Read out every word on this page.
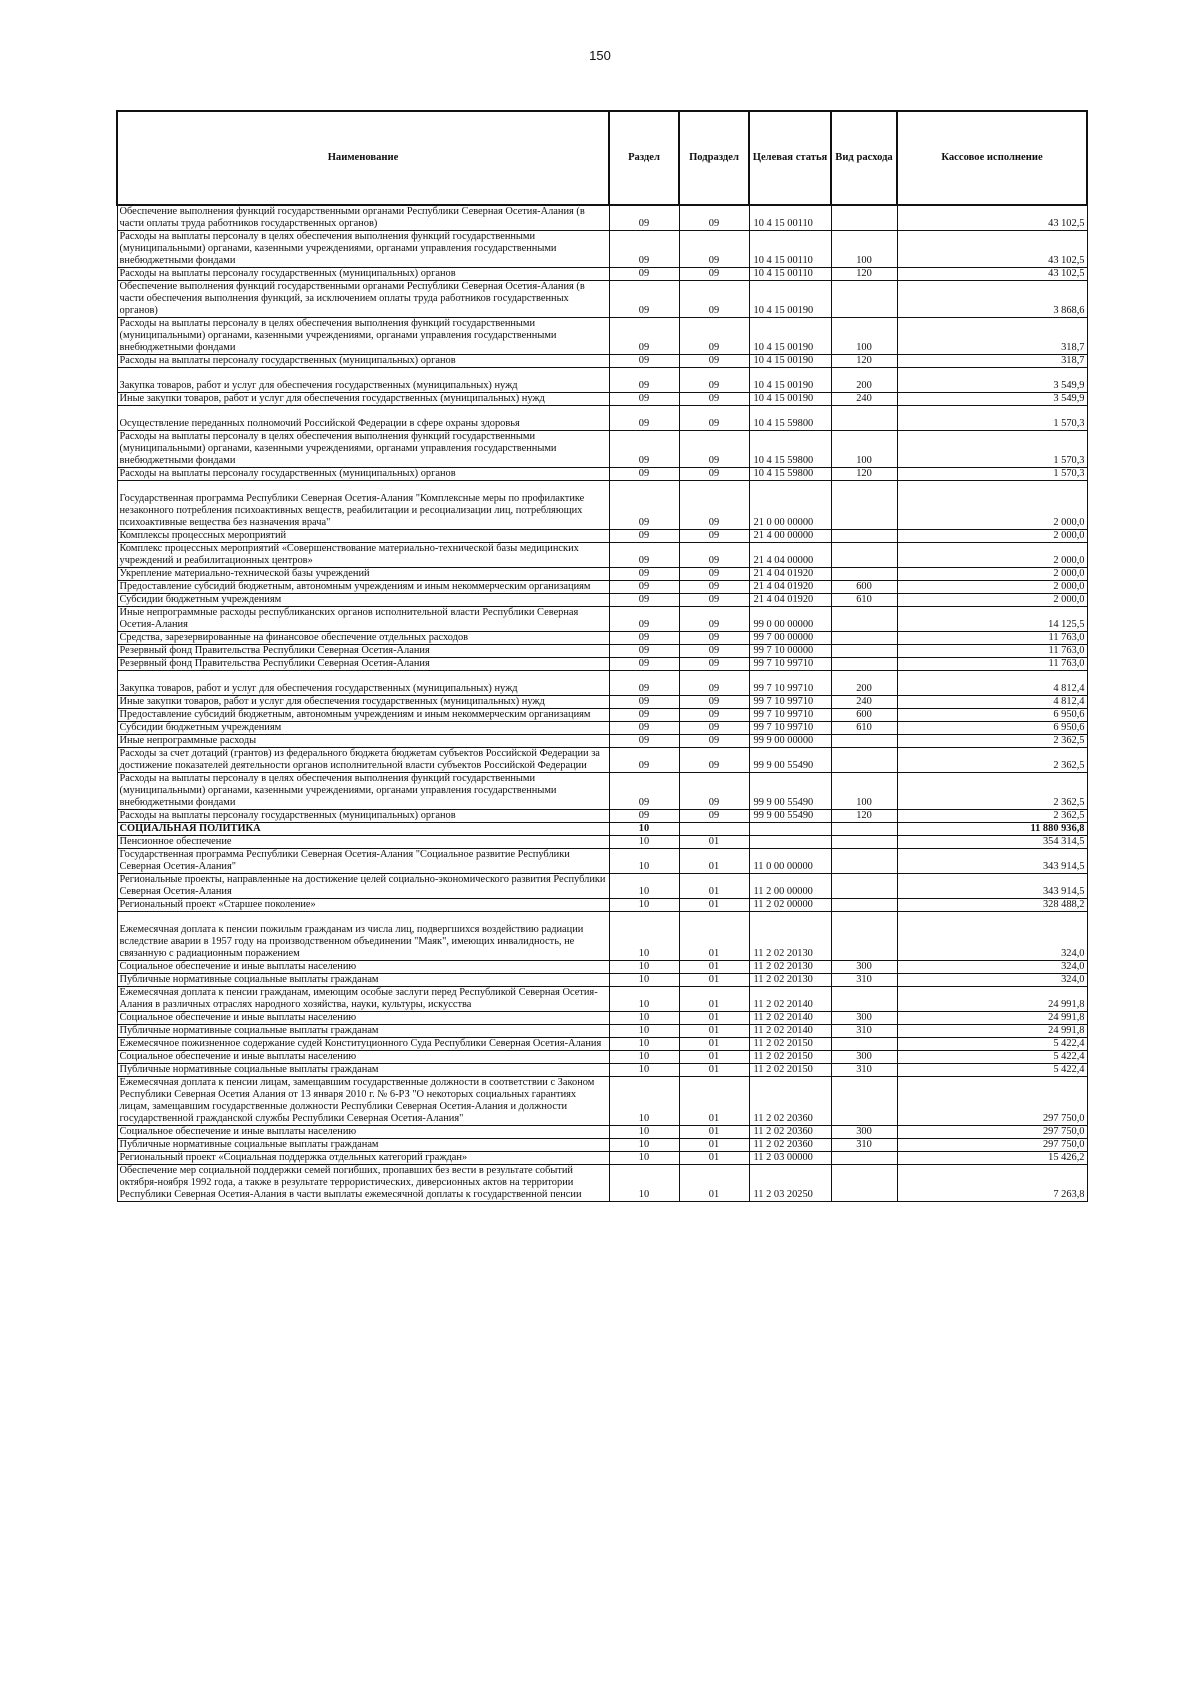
150
Наименование	Раздел	Подраздел	Целевая статья	Вид расхода	Кассовое исполнение
Обеспечение выполнения функций государственными органами Республики Северная Осетия-Алания (в части оплаты труда работников государственных органов)	09	09	10 4 15 00110		43 102,5
Расходы на выплаты персоналу в целях обеспечения выполнения функций государственными (муниципальными) органами, казенными учреждениями, органами управления государственными внебюджетными фондами	09	09	10 4 15 00110	100	43 102,5
Расходы на выплаты персоналу государственных (муниципальных) органов	09	09	10 4 15 00110	120	43 102,5
Обеспечение выполнения функций государственными органами Республики Северная Осетия-Алания (в части обеспечения выполнения функций, за исключением оплаты труда работников государственных органов)	09	09	10 4 15 00190		3 868,6
Расходы на выплаты персоналу в целях обеспечения выполнения функций государственными (муниципальными) органами, казенными учреждениями, органами управления государственными внебюджетными фондами	09	09	10 4 15 00190	100	318,7
Расходы на выплаты персоналу государственных (муниципальных) органов	09	09	10 4 15 00190	120	318,7
Закупка товаров, работ и услуг для обеспечения государственных (муниципальных) нужд	09	09	10 4 15 00190	200	3 549,9
Иные закупки товаров, работ и услуг для обеспечения государственных (муниципальных) нужд	09	09	10 4 15 00190	240	3 549,9
Осуществление переданных полномочий Российской Федерации в сфере охраны здоровья	09	09	10 4 15 59800		1 570,3
Расходы на выплаты персоналу в целях обеспечения выполнения функций государственными (муниципальными) органами, казенными учреждениями, органами управления государственными внебюджетными фондами	09	09	10 4 15 59800	100	1 570,3
Расходы на выплаты персоналу государственных (муниципальных) органов	09	09	10 4 15 59800	120	1 570,3
Государственная программа Республики Северная Осетия-Алания "Комплексные меры по профилактике незаконного потребления психоактивных веществ, реабилитации и ресоциализации лиц, потребляющих психоактивные вещества без назначения врача"	09	09	21 0 00 00000		2 000,0
Комплексы процессных мероприятий	09	09	21 4 00 00000		2 000,0
Комплекс процессных мероприятий «Совершенствование материально-технической базы медицинских учреждений и реабилитационных центров»	09	09	21 4 04 00000		2 000,0
Укрепление материально-технической базы учреждений	09	09	21 4 04 01920		2 000,0
Предоставление субсидий бюджетным, автономным учреждениям и иным некоммерческим организациям	09	09	21 4 04 01920	600	2 000,0
Субсидии бюджетным учреждениям	09	09	21 4 04 01920	610	2 000,0
Иные непрограммные расходы республиканских органов исполнительной власти Республики Северная Осетия-Алания	09	09	99 0 00 00000		14 125,5
Средства, зарезервированные на финансовое обеспечение отдельных расходов	09	09	99 7 00 00000		11 763,0
Резервный фонд Правительства Республики Северная Осетия-Алания	09	09	99 7 10 00000		11 763,0
Резервный фонд Правительства Республики Северная Осетия-Алания	09	09	99 7 10 99710		11 763,0
Закупка товаров, работ и услуг для обеспечения государственных (муниципальных) нужд	09	09	99 7 10 99710	200	4 812,4
Иные закупки товаров, работ и услуг для обеспечения государственных (муниципальных) нужд	09	09	99 7 10 99710	240	4 812,4
Предоставление субсидий бюджетным, автономным учреждениям и иным некоммерческим организациям	09	09	99 7 10 99710	600	6 950,6
Субсидии бюджетным учреждениям	09	09	99 7 10 99710	610	6 950,6
Иные непрограммные расходы	09	09	99 9 00 00000		2 362,5
Расходы за счет дотаций (грантов) из федерального бюджета бюджетам субъектов Российской Федерации за достижение показателей деятельности органов исполнительной власти субъектов Российской Федерации	09	09	99 9 00 55490		2 362,5
Расходы на выплаты персоналу в целях обеспечения выполнения функций государственными (муниципальными) органами, казенными учреждениями, органами управления государственными внебюджетными фондами	09	09	99 9 00 55490	100	2 362,5
Расходы на выплаты персоналу государственных (муниципальных) органов	09	09	99 9 00 55490	120	2 362,5
СОЦИАЛЬНАЯ ПОЛИТИКА	10				11 880 936,8
Пенсионное обеспечение	10	01			354 314,5
Государственная программа Республики Северная Осетия-Алания "Социальное развитие Республики Северная Осетия-Алания"	10	01	11 0 00 00000		343 914,5
Региональные проекты, направленные на достижение целей социально-экономического развития Республики Северная Осетия-Алания	10	01	11 2 00 00000		343 914,5
Региональный проект «Старшее поколение»	10	01	11 2 02 00000		328 488,2
Ежемесячная доплата к пенсии пожилым гражданам из числа лиц, подвергшихся воздействию радиации вследствие аварии в 1957 году на производственном объединении "Маяк", имеющих инвалидность, не связанную с радиационным поражением	10	01	11 2 02 20130		324,0
Социальное обеспечение и иные выплаты населению	10	01	11 2 02 20130	300	324,0
Публичные нормативные социальные выплаты гражданам	10	01	11 2 02 20130	310	324,0
Ежемесячная доплата к пенсии гражданам, имеющим особые заслуги перед Республикой Северная Осетия-Алания в различных отраслях народного хозяйства, науки, культуры, искусства	10	01	11 2 02 20140		24 991,8
Социальное обеспечение и иные выплаты населению	10	01	11 2 02 20140	300	24 991,8
Публичные нормативные социальные выплаты гражданам	10	01	11 2 02 20140	310	24 991,8
Ежемесячное пожизненное содержание судей Конституционного Суда Республики Северная Осетия-Алания	10	01	11 2 02 20150		5 422,4
Социальное обеспечение и иные выплаты населению	10	01	11 2 02 20150	300	5 422,4
Публичные нормативные социальные выплаты гражданам	10	01	11 2 02 20150	310	5 422,4
Ежемесячная доплата к пенсии лицам, замещавшим государственные должности в соответствии с Законом Республики Северная Осетия Алания от 13 января 2010 г. № 6-РЗ "О некоторых социальных гарантиях лицам, замещавшим государственные должности Республики Северная Осетия-Алания и должности государственной гражданской службы Республики Северная Осетия-Алания"	10	01	11 2 02 20360		297 750,0
Социальное обеспечение и иные выплаты населению	10	01	11 2 02 20360	300	297 750,0
Публичные нормативные социальные выплаты гражданам	10	01	11 2 02 20360	310	297 750,0
Региональный проект «Социальная поддержка отдельных категорий граждан»	10	01	11 2 03 00000		15 426,2
Обеспечение мер социальной поддержки семей погибших, пропавших без вести в результате событий октября-ноября 1992 года, а также в результате террористических, диверсионных актов на территории Республики Северная Осетия-Алания в части выплаты ежемесячной доплаты к государственной пенсии	10	01	11 2 03 20250		7 263,8
